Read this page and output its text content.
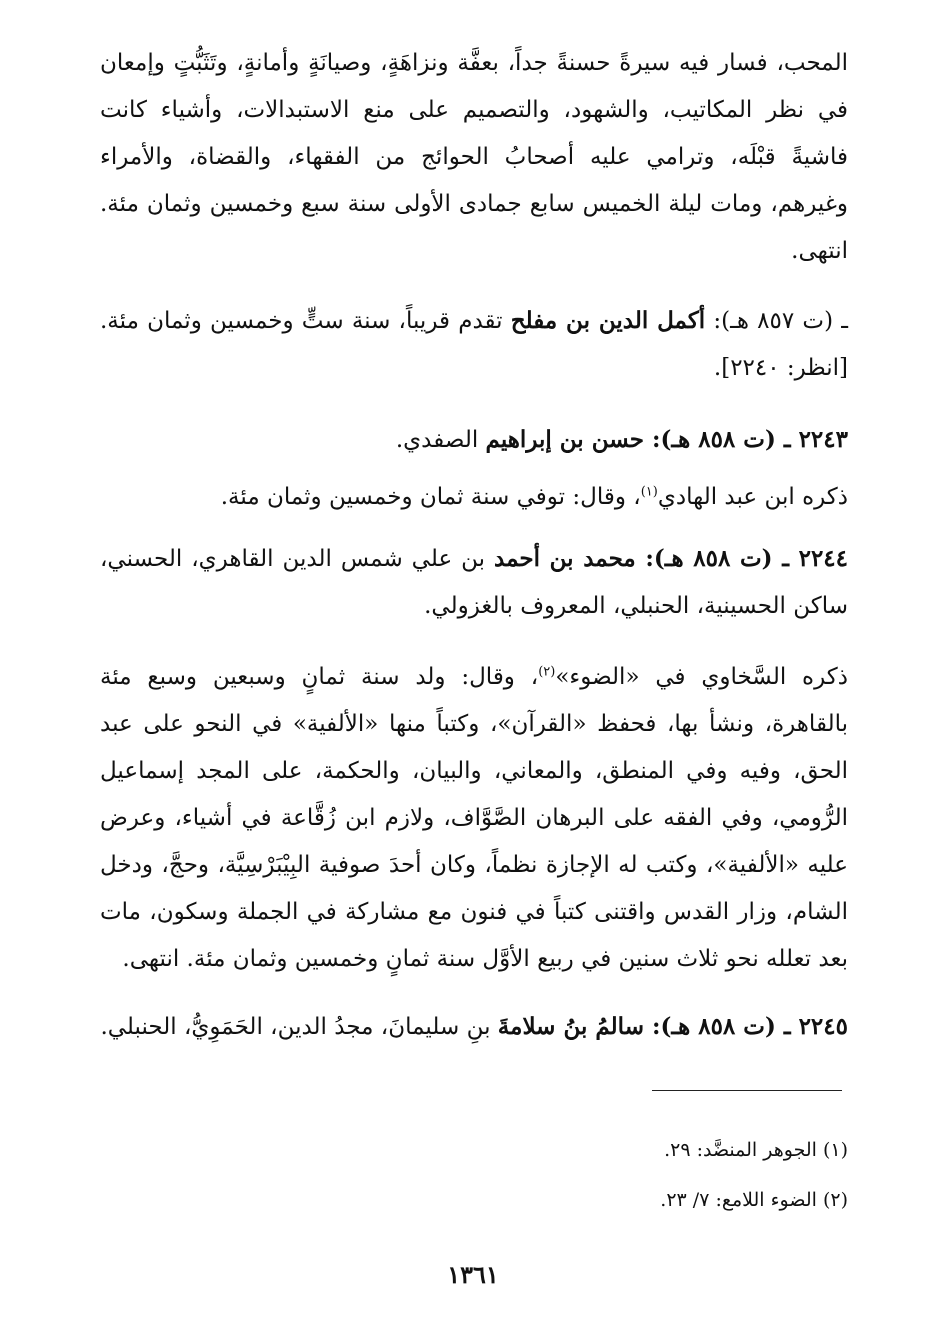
المحب، فسار فيه سيرةً حسنةً جداً، بعفَّة ونزاهَةٍ، وصيانَةٍ وأمانةٍ، وتَثَبُّتٍ وإمعان في نظر المكاتيب، والشهود، والتصميم على منع الاستبدالات، وأشياء كانت فاشيةً قبْلَه، وترامي عليه أصحابُ الحوائج من الفقهاء، والقضاة، والأمراء وغيرهم، ومات ليلة الخميس سابع جمادى الأولى سنة سبع وخمسين وثمان مئة. انتهى.

ـ (ت ٨٥٧ هـ): أكمل الدين بن مفلح تقدم قريباً، سنة ستٍّ وخمسين وثمان مئة. [انظر: ٢٢٤٠].

٢٢٤٣ ـ (ت ٨٥٨ هـ): حسن بن إبراهيم الصفدي.

ذكره ابن عبد الهادي$^{(١)}$، وقال: توفي سنة ثمان وخمسين وثمان مئة.

٢٢٤٤ ـ (ت ٨٥٨ هـ): محمد بن أحمد بن علي شمس الدين القاهري، الحسني، ساكن الحسينية، الحنبلي، المعروف بالغزولي.

ذكره السَّخاوي في «الضوء»$^{(٢)}$، وقال: ولد سنة ثمانٍ وسبعين وسبع مئة بالقاهرة، ونشأ بها، فحفظ «القرآن»، وكتباً منها «الألفية» في النحو على عبد الحق، وفيه وفي المنطق، والمعاني، والبيان، والحكمة، على المجد إسماعيل الرُّومي، وفي الفقه على البرهان الصَّوَّاف، ولازم ابن زُقَّاعة في أشياء، وعرض عليه «الألفية»، وكتب له الإجازة نظماً، وكان أحدَ صوفية البِيْبَرْسِيَّة، وحجَّ، ودخل الشام، وزار القدس واقتنى كتباً في فنون مع مشاركة في الجملة وسكون، مات بعد تعلله نحو ثلاث سنين في ربيع الأوَّل سنة ثمانٍ وخمسين وثمان مئة. انتهى.

٢٢٤٥ ـ (ت ٨٥٨ هـ): سالمُ بنُ سلامةَ بنِ سليمانَ، مجدُ الدين، الحَمَوِيُّ، الحنبلي.

(١) الجوهر المنضَّد: ٢٩.

(٢) الضوء اللامع: ٧/ ٢٣.

١٣٦١
